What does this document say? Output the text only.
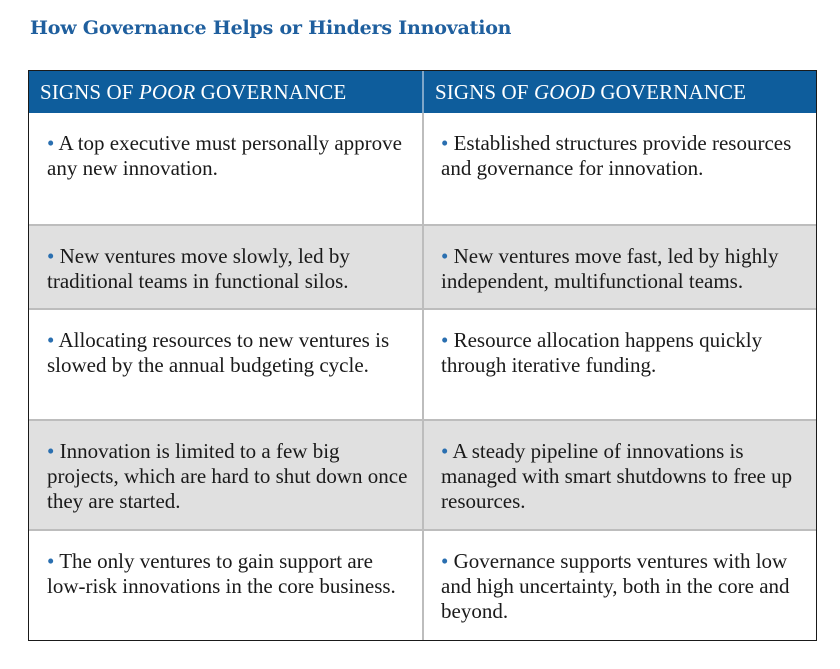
How Governance Helps or Hinders Innovation
SIGNS OF POOR GOVERNANCE	SIGNS OF GOOD GOVERNANCE
• A top executive must personally approve any new innovation.
• Established structures provide resources and governance for innovation.
• New ventures move slowly, led by traditional teams in functional silos.
• New ventures move fast, led by highly independent, multifunctional teams.
• Allocating resources to new ventures is slowed by the annual budgeting cycle.
• Resource allocation happens quickly through iterative funding.
• Innovation is limited to a few big projects, which are hard to shut down once they are started.
• A steady pipeline of innovations is managed with smart shutdowns to free up resources.
• The only ventures to gain support are low-risk innovations in the core business.
• Governance supports ventures with low and high uncertainty, both in the core and beyond.
